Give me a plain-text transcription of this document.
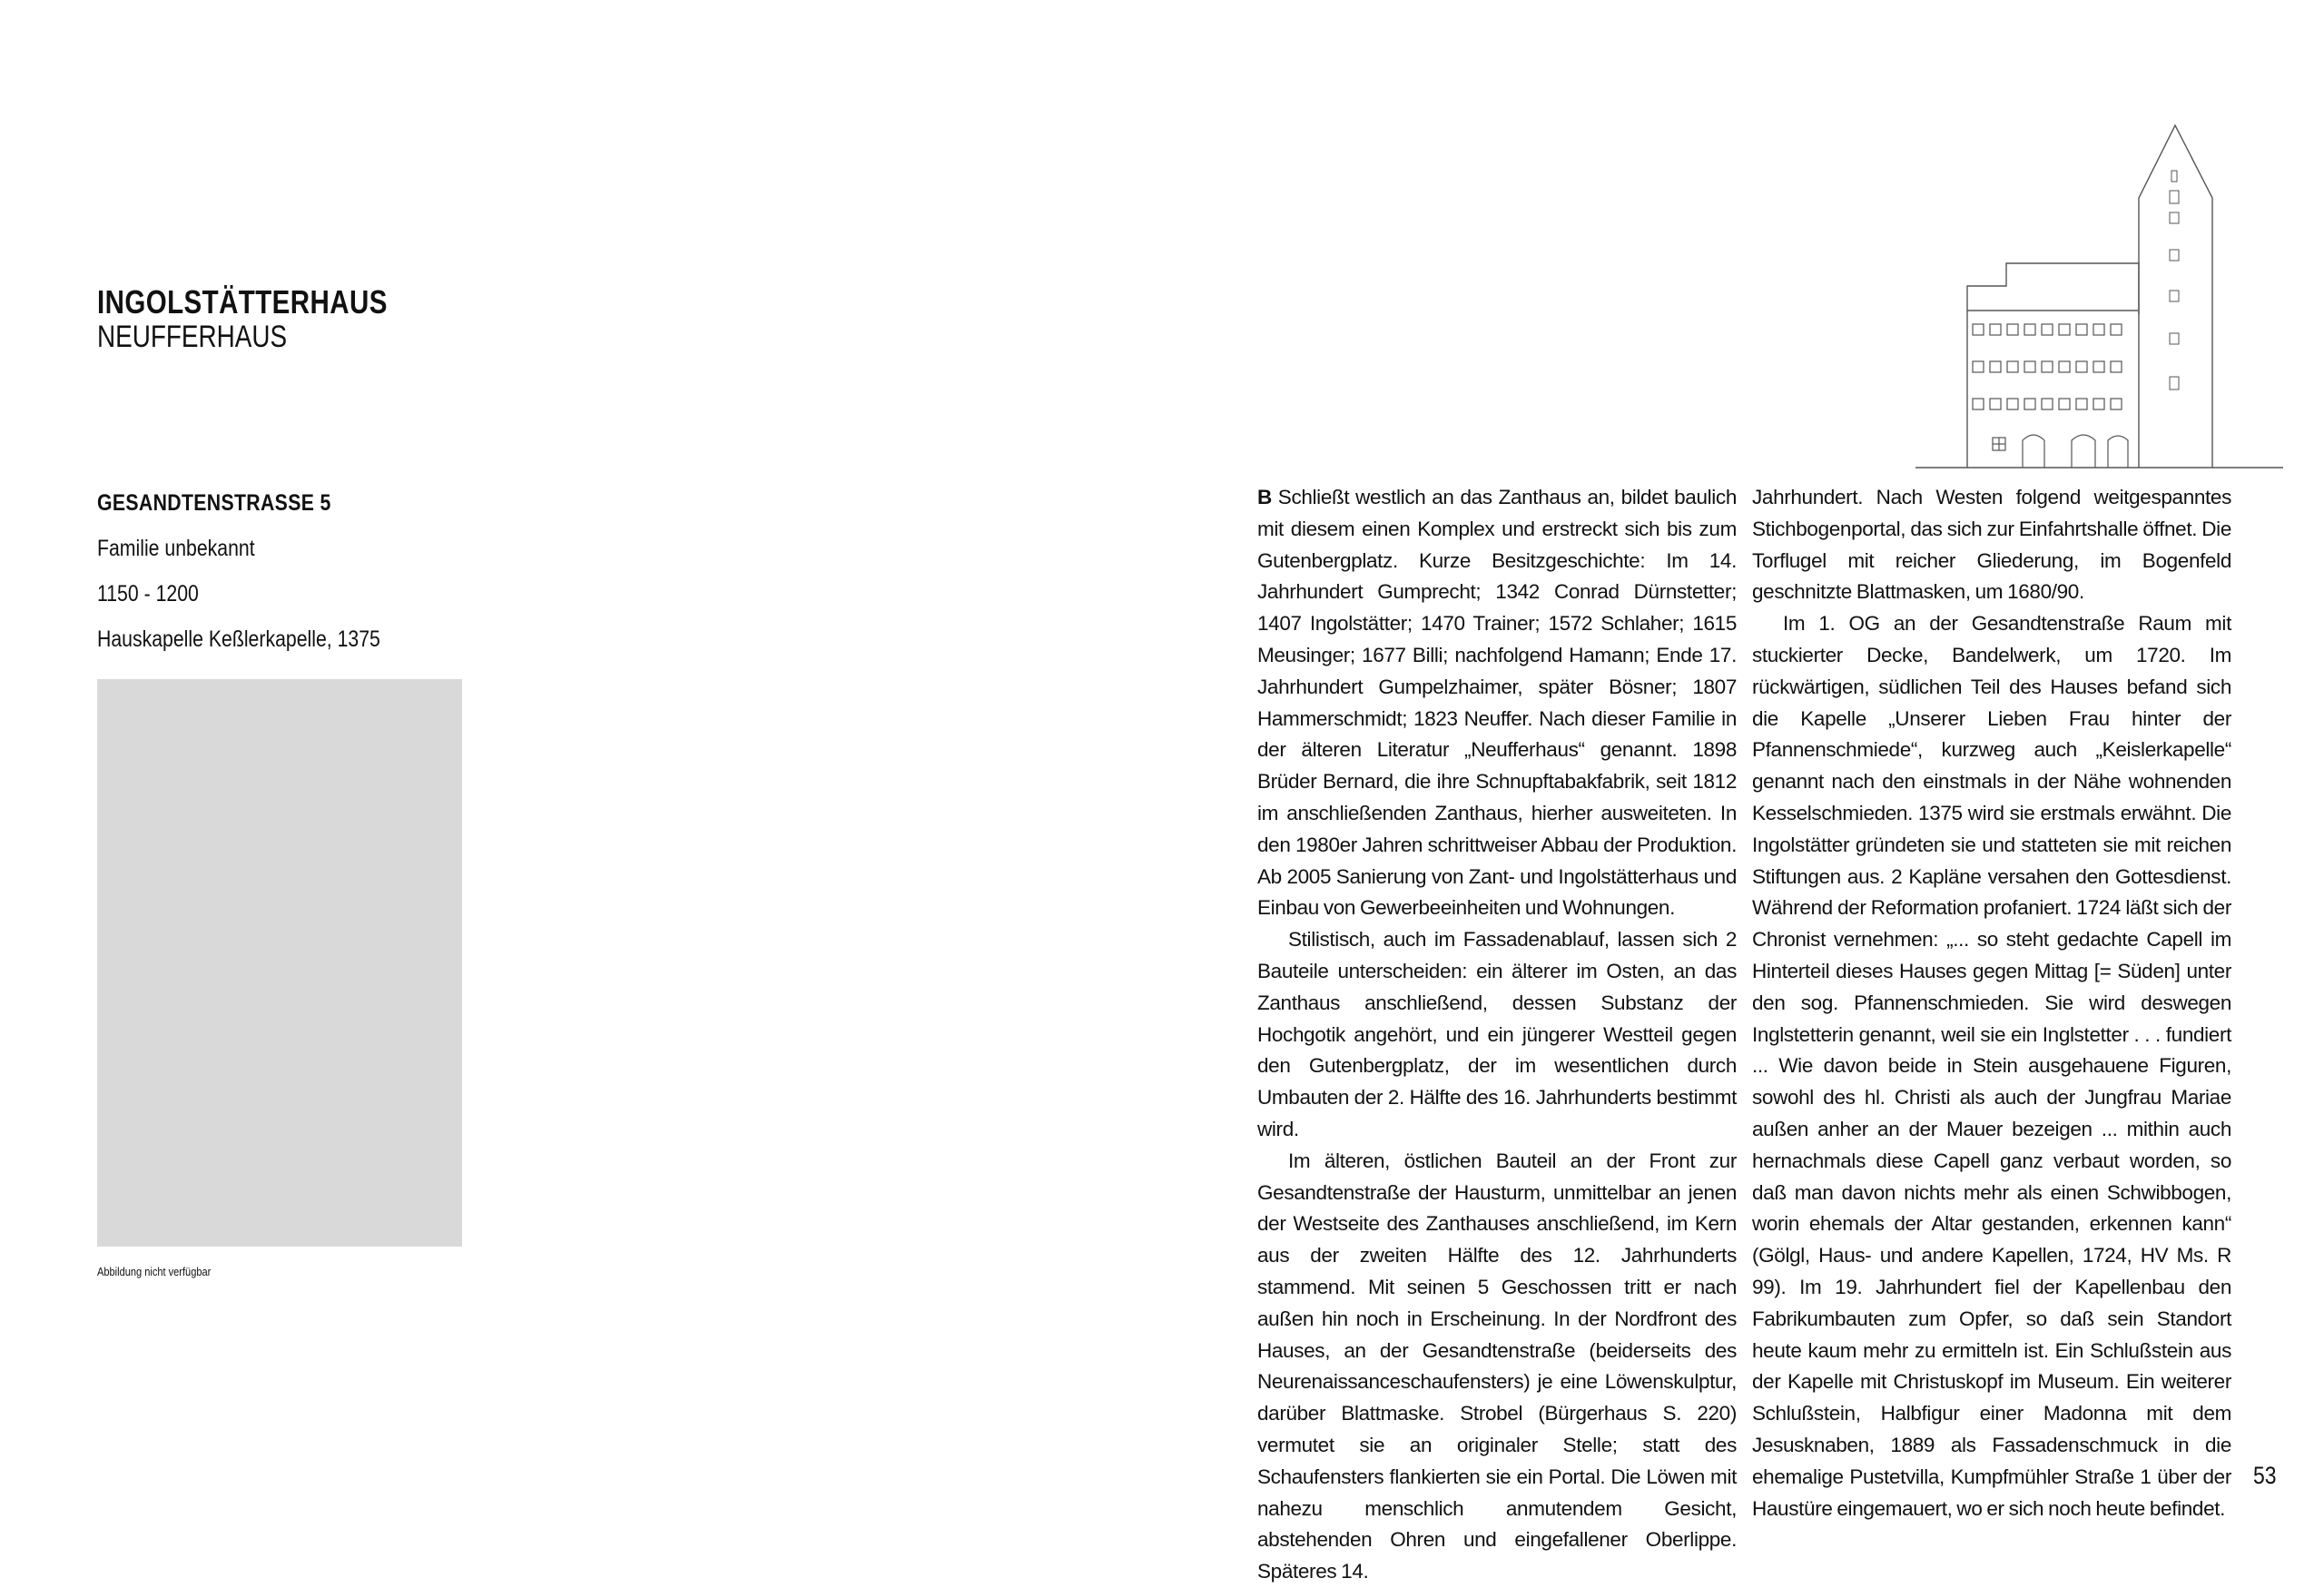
INGOLSTÄTTERHAUS
NEUFFERHAUS
GESANDTENSTRASSE 5
Familie unbekannt
1150 - 1200
Hauskapelle Keßlerkapelle, 1375
Abbildung nicht verfügbar

B Schließt westlich an das Zanthaus an, bildet baulich mit diesem einen Komplex und erstreckt sich bis zum Gutenbergplatz. Kurze Besitzgeschichte: Im 14. Jahrhundert Gumprecht; 1342 Conrad Dürnstetter; 1407 Ingolstätter; 1470 Trainer; 1572 Schlaher; 1615 Meusinger; 1677 Billi; nachfolgend Hamann; Ende 17. Jahrhundert Gumpelzhaimer, später Bösner; 1807 Hammerschmidt; 1823 Neuffer. Nach dieser Familie in der älteren Literatur „Neufferhaus“ genannt. 1898 Brüder Bernard, die ihre Schnupftabakfabrik, seit 1812 im anschließenden Zanthaus, hierher ausweiteten. In den 1980er Jahren schrittweiser Abbau der Produktion. Ab 2005 Sanierung von Zant- und Ingolstätterhaus und Einbau von Gewerbeeinheiten und Wohnungen.

Stilistisch, auch im Fassadenablauf, lassen sich 2 Bauteile unterscheiden: ein älterer im Osten, an das Zanthaus anschließend, dessen Substanz der Hochgotik angehört, und ein jüngerer Westteil gegen den Gutenbergplatz, der im wesentlichen durch Umbauten der 2. Hälfte des 16. Jahrhunderts bestimmt wird.

Im älteren, östlichen Bauteil an der Front zur Gesandtenstraße der Hausturm, unmittelbar an jenen der Westseite des Zanthauses anschließend, im Kern aus der zweiten Hälfte des 12. Jahrhunderts stammend. Mit seinen 5 Geschossen tritt er nach außen hin noch in Erscheinung. In der Nordfront des Hauses, an der Gesandtenstraße (beiderseits des Neurenaissanceschaufensters) je eine Löwenskulptur, darüber Blattmaske. Strobel (Bürgerhaus S. 220) vermutet sie an originaler Stelle; statt des Schaufensters flankierten sie ein Portal. Die Löwen mit nahezu menschlich anmutendem Gesicht, abstehenden Ohren und eingefallener Oberlippe. Späteres 14.

Jahrhundert. Nach Westen folgend weitgespanntes Stichbogenportal, das sich zur Einfahrtshalle öffnet. Die Torflugel mit reicher Gliederung, im Bogenfeld geschnitzte Blattmasken, um 1680/90.

Im 1. OG an der Gesandtenstraße Raum mit stuckierter Decke, Bandelwerk, um 1720. Im rückwärtigen, südlichen Teil des Hauses befand sich die Kapelle „Unserer Lieben Frau hinter der Pfannenschmiede“, kurzweg auch „Keislerkapelle“ genannt nach den einstmals in der Nähe wohnenden Kesselschmieden. 1375 wird sie erstmals erwähnt. Die Ingolstätter gründeten sie und statteten sie mit reichen Stiftungen aus. 2 Kapläne versahen den Gottesdienst. Während der Reformation profaniert. 1724 läßt sich der Chronist vernehmen: „... so steht gedachte Capell im Hinterteil dieses Hauses gegen Mittag [= Süden] unter den sog. Pfannenschmieden. Sie wird deswegen Inglstetterin genannt, weil sie ein Inglstetter . . . fundiert ... Wie davon beide in Stein ausgehauene Figuren, sowohl des hl. Christi als auch der Jungfrau Mariae außen anher an der Mauer bezeigen ... mithin auch hernachmals diese Capell ganz verbaut worden, so daß man davon nichts mehr als einen Schwibbogen, worin ehemals der Altar gestanden, erkennen kann“ (Gölgl, Haus- und andere Kapellen, 1724, HV Ms. R 99). Im 19. Jahrhundert fiel der Kapellenbau den Fabrikumbauten zum Opfer, so daß sein Standort heute kaum mehr zu ermitteln ist. Ein Schlußstein aus der Kapelle mit Christuskopf im Museum. Ein weiterer Schlußstein, Halbfigur einer Madonna mit dem Jesusknaben, 1889 als Fassadenschmuck in die ehemalige Pustetvilla, Kumpfmühler Straße 1 über der Haustüre eingemauert, wo er sich noch heute befindet.

53
